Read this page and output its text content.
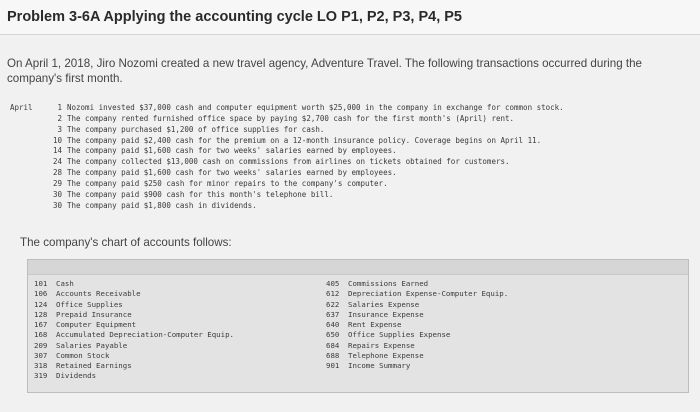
Problem 3-6A Applying the accounting cycle LO P1, P2, P3, P4, P5
On April 1, 2018, Jiro Nozomi created a new travel agency, Adventure Travel. The following transactions occurred during the company's first month.
April	1 Nozomi invested $37,000 cash and computer equipment worth $25,000 in the company in exchange for common stock.
2 The company rented furnished office space by paying $2,700 cash for the first month's (April) rent.
3 The company purchased $1,200 of office supplies for cash.
10 The company paid $2,400 cash for the premium on a 12-month insurance policy. Coverage begins on April 11.
14 The company paid $1,600 cash for two weeks' salaries earned by employees.
24 The company collected $13,000 cash on commissions from airlines on tickets obtained for customers.
28 The company paid $1,600 cash for two weeks' salaries earned by employees.
29 The company paid $250 cash for minor repairs to the company's computer.
30 The company paid $900 cash for this month's telephone bill.
30 The company paid $1,800 cash in dividends.
The company's chart of accounts follows:
101 Cash
106 Accounts Receivable
124 Office Supplies
128 Prepaid Insurance
167 Computer Equipment
168 Accumulated Depreciation-Computer Equip.
209 Salaries Payable
307 Common Stock
318 Retained Earnings
319 Dividends
405 Commissions Earned
612 Depreciation Expense-Computer Equip.
622 Salaries Expense
637 Insurance Expense
640 Rent Expense
650 Office Supplies Expense
684 Repairs Expense
688 Telephone Expense
901 Income Summary
